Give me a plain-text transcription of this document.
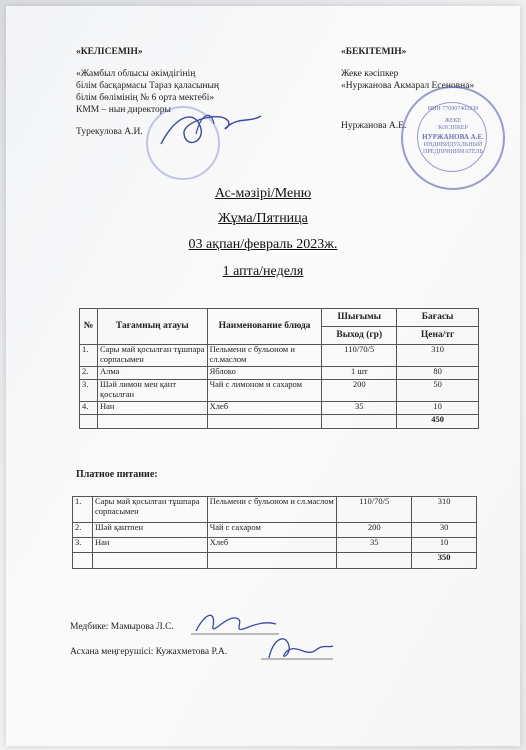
«КЕЛІСЕМІН»
«Жамбыл облысы әкімдігінің
білім басқармасы Тараз қаласының
білім бөлімінің № 6 орта мектебі»
КММ – нын директоры
Турекулова А.И.
«БЕКІТЕМІН»
Жеке кәсіпкер
«Нуржанова Акмарал Есеновна»
Нуржанова А.Е.	ЖЕКЕ
КӘСІПКЕР
НУРЖАНОВА А.Е.
ИНДИВИДУАЛЬНЫЙ
ПРЕДПРИНИМАТЕЛЬ
ИИН 770907402239
Ас-мәзірі/Меню
Жұма/Пятница
03 ақпан/февраль 2023ж.
1 апта/неделя
№	Тағамның атауы	Наименование блюда	Шығымы	Бағасы
			Выход (гр)	Цена/тг
1.	Сары май қосылған тұшпара сорпасымен	Пельмени с бульоном и сл.маслом	110/70/5	310
2.	Алма	Яблоко	1 шт	80
3.	Шәй лимон мен қант қосылған	Чай с лимоном и сахаром	200	50
4.	Нан	Хлеб	35	10
				450
Платное питание:
1.	Сары май қосылған тұшпара сорпасымен	Пельмени с бульоном и сл.маслом	110/70/5	310
2.	Шәй қантпен	Чай с сахаром	200	30
3.	Нан	Хлеб	35	10
				350
Медбике: Мамырова Л.С.
Асхана меңгерушісі: Кужахметова Р.А.
